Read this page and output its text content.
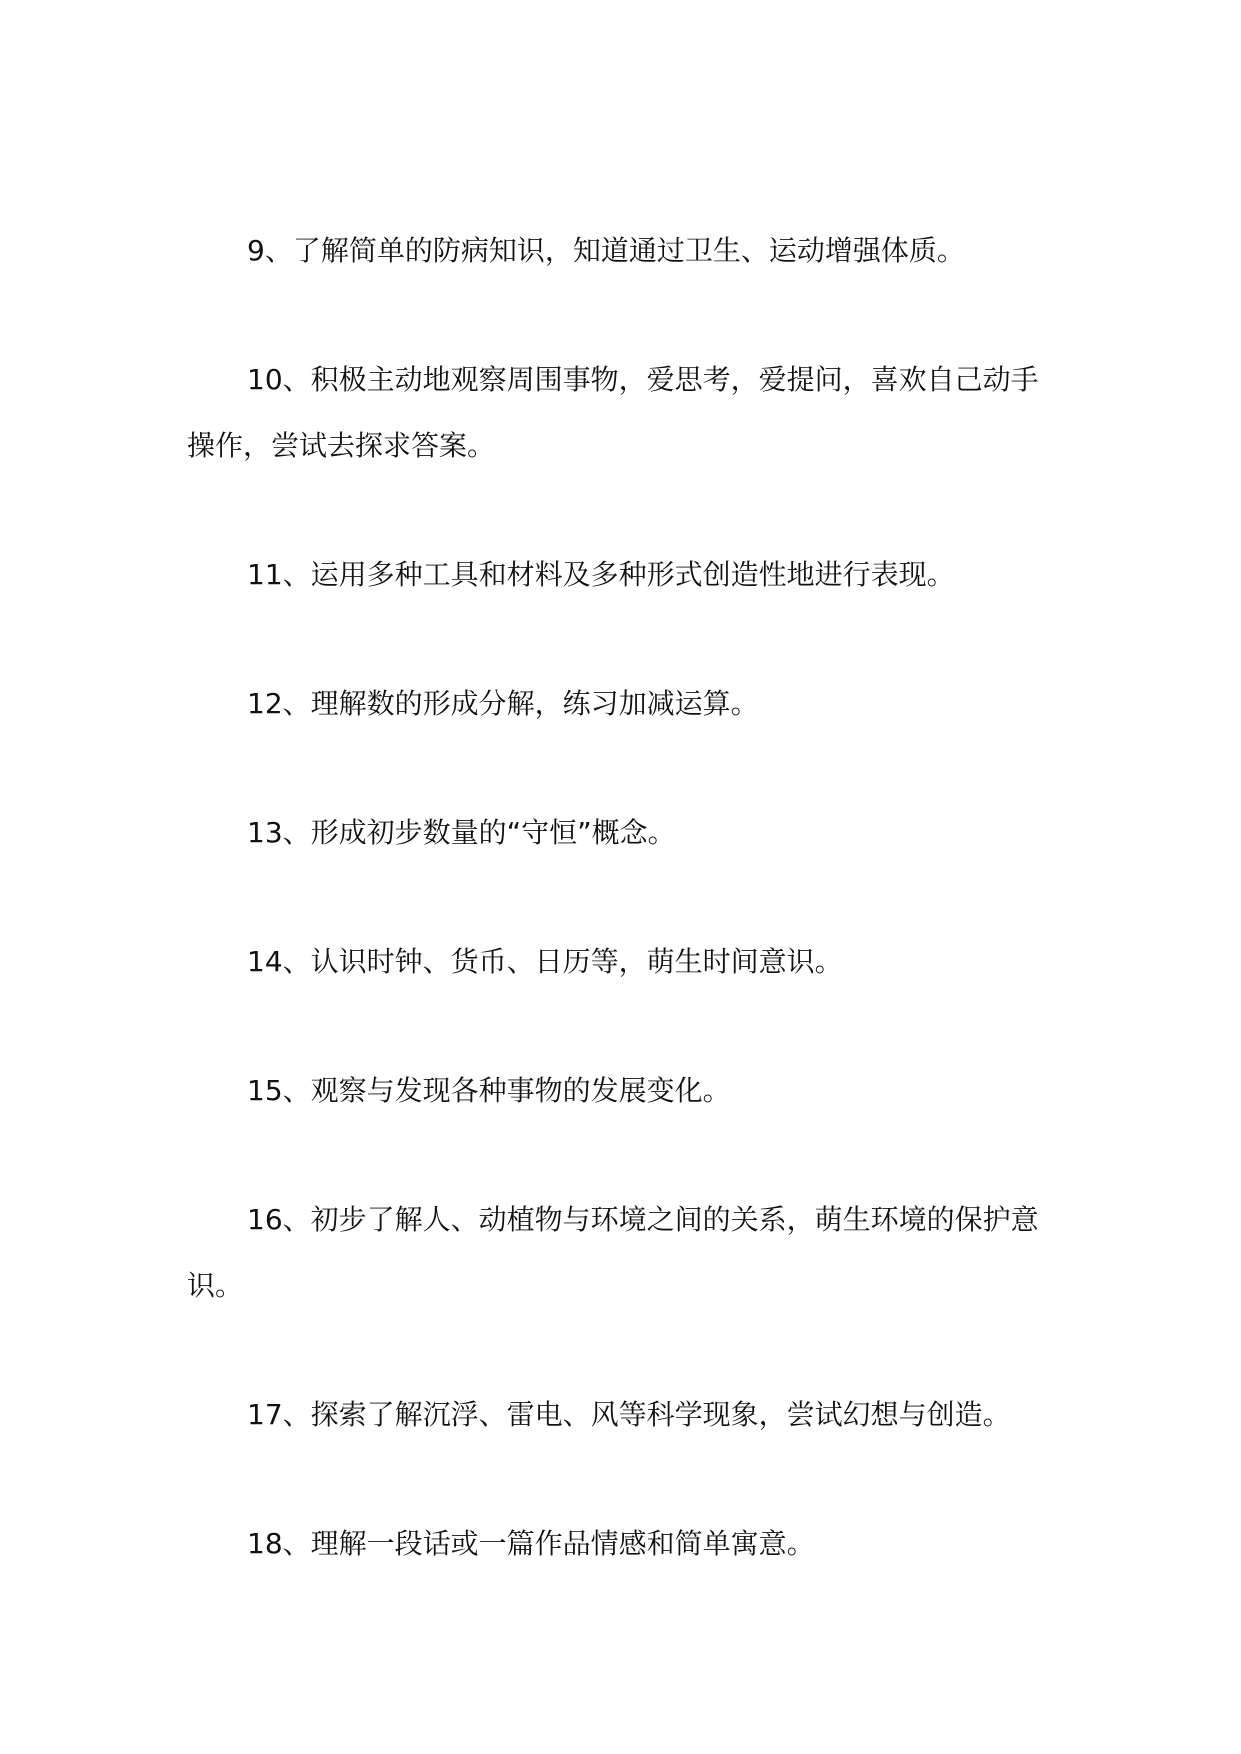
9、了解简单的防病知识，知道通过卫生、运动增强体质。

10、积极主动地观察周围事物，爱思考，爱提问，喜欢自己动手操作，尝试去探求答案。

11、运用多种工具和材料及多种形式创造性地进行表现。

12、理解数的形成分解，练习加减运算。

13、形成初步数量的“守恒”概念。

14、认识时钟、货币、日历等，萌生时间意识。

15、观察与发现各种事物的发展变化。

16、初步了解人、动植物与环境之间的关系，萌生环境的保护意识。

17、探索了解沉浮、雷电、风等科学现象，尝试幻想与创造。

18、理解一段话或一篇作品情感和简单寓意。
